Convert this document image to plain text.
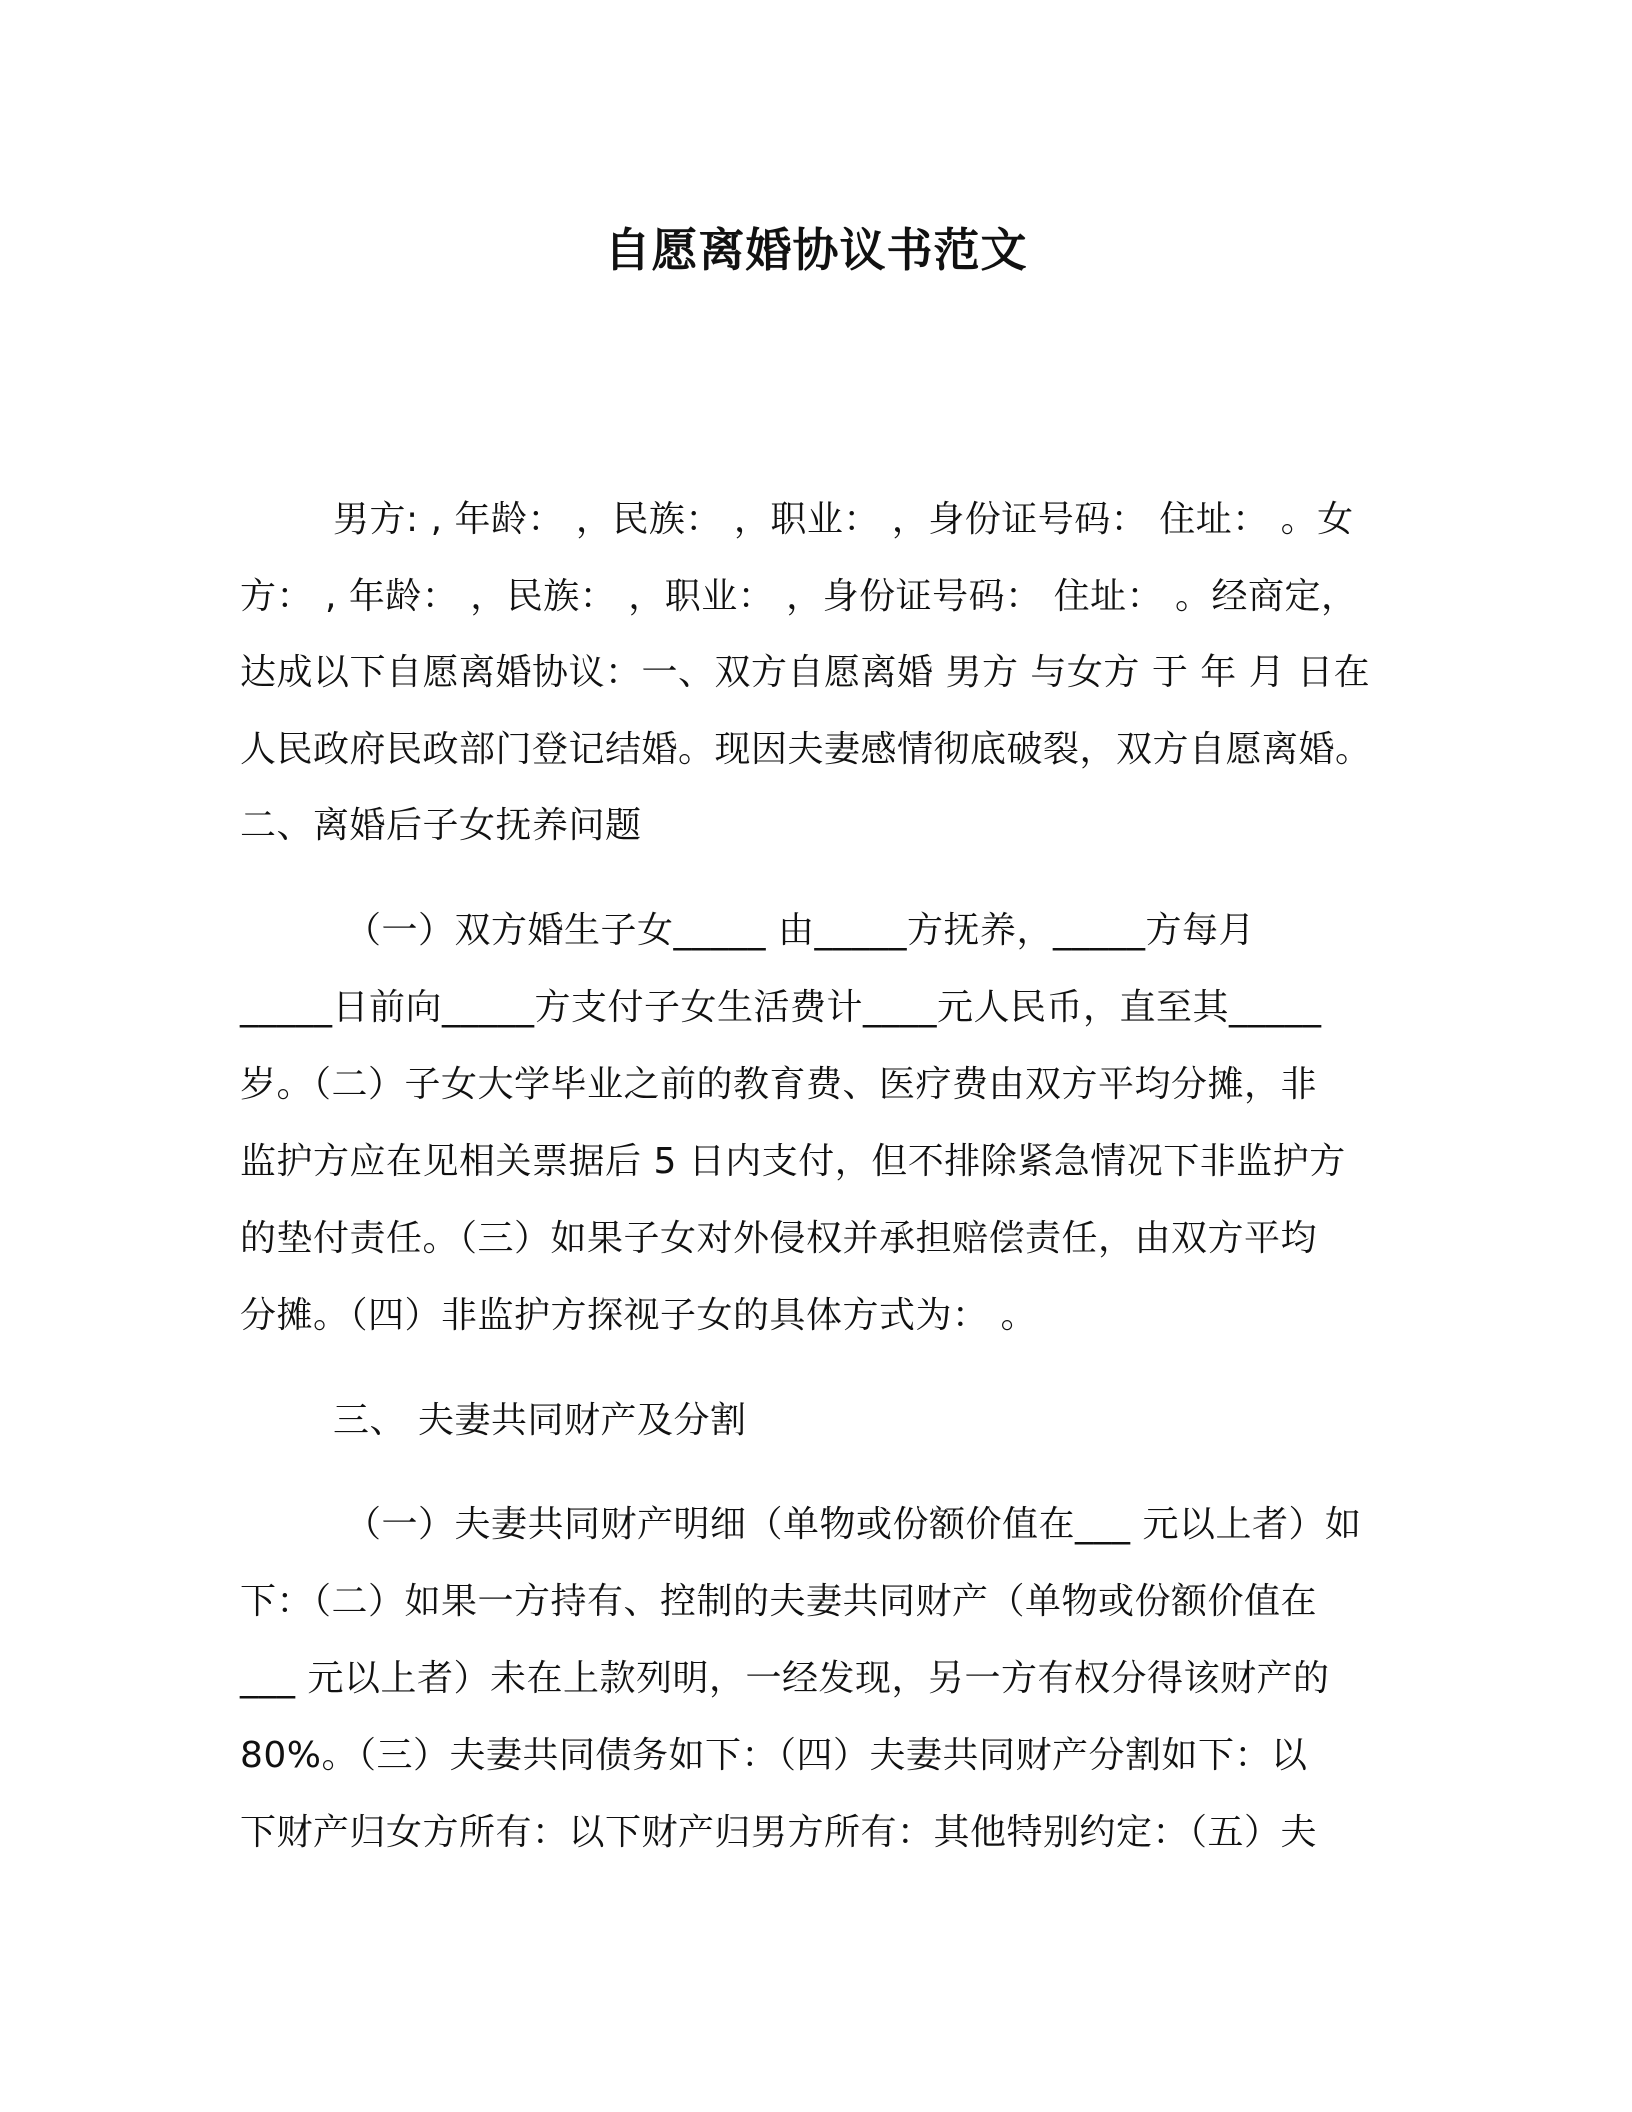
自愿离婚协议书范文
男方: , 年龄： ，民族： ，职业： ，身份证号码： 住址： 。女
方： , 年龄： ，民族： ，职业： ，身份证号码： 住址： 。经商定，
达成以下自愿离婚协议：一、双方自愿离婚 男方 与女方 于 年 月 日在
人民政府民政部门登记结婚。现因夫妻感情彻底破裂，双方自愿离婚。
二、离婚后子女抚养问题
（一）双方婚生子女_____ 由_____方抚养，_____方每月
_____日前向_____方支付子女生活费计____元人民币，直至其_____
岁。（二）子女大学毕业之前的教育费、医疗费由双方平均分摊，非
监护方应在见相关票据后 5 日内支付，但不排除紧急情况下非监护方
的垫付责任。（三）如果子女对外侵权并承担赔偿责任，由双方平均
分摊。（四）非监护方探视子女的具体方式为： 。
三、 夫妻共同财产及分割
（一）夫妻共同财产明细（单物或份额价值在___ 元以上者）如
下：（二）如果一方持有、控制的夫妻共同财产（单物或份额价值在
___ 元以上者）未在上款列明，一经发现，另一方有权分得该财产的
80%。（三）夫妻共同债务如下：（四）夫妻共同财产分割如下：以
下财产归女方所有：以下财产归男方所有：其他特别约定：（五）夫
